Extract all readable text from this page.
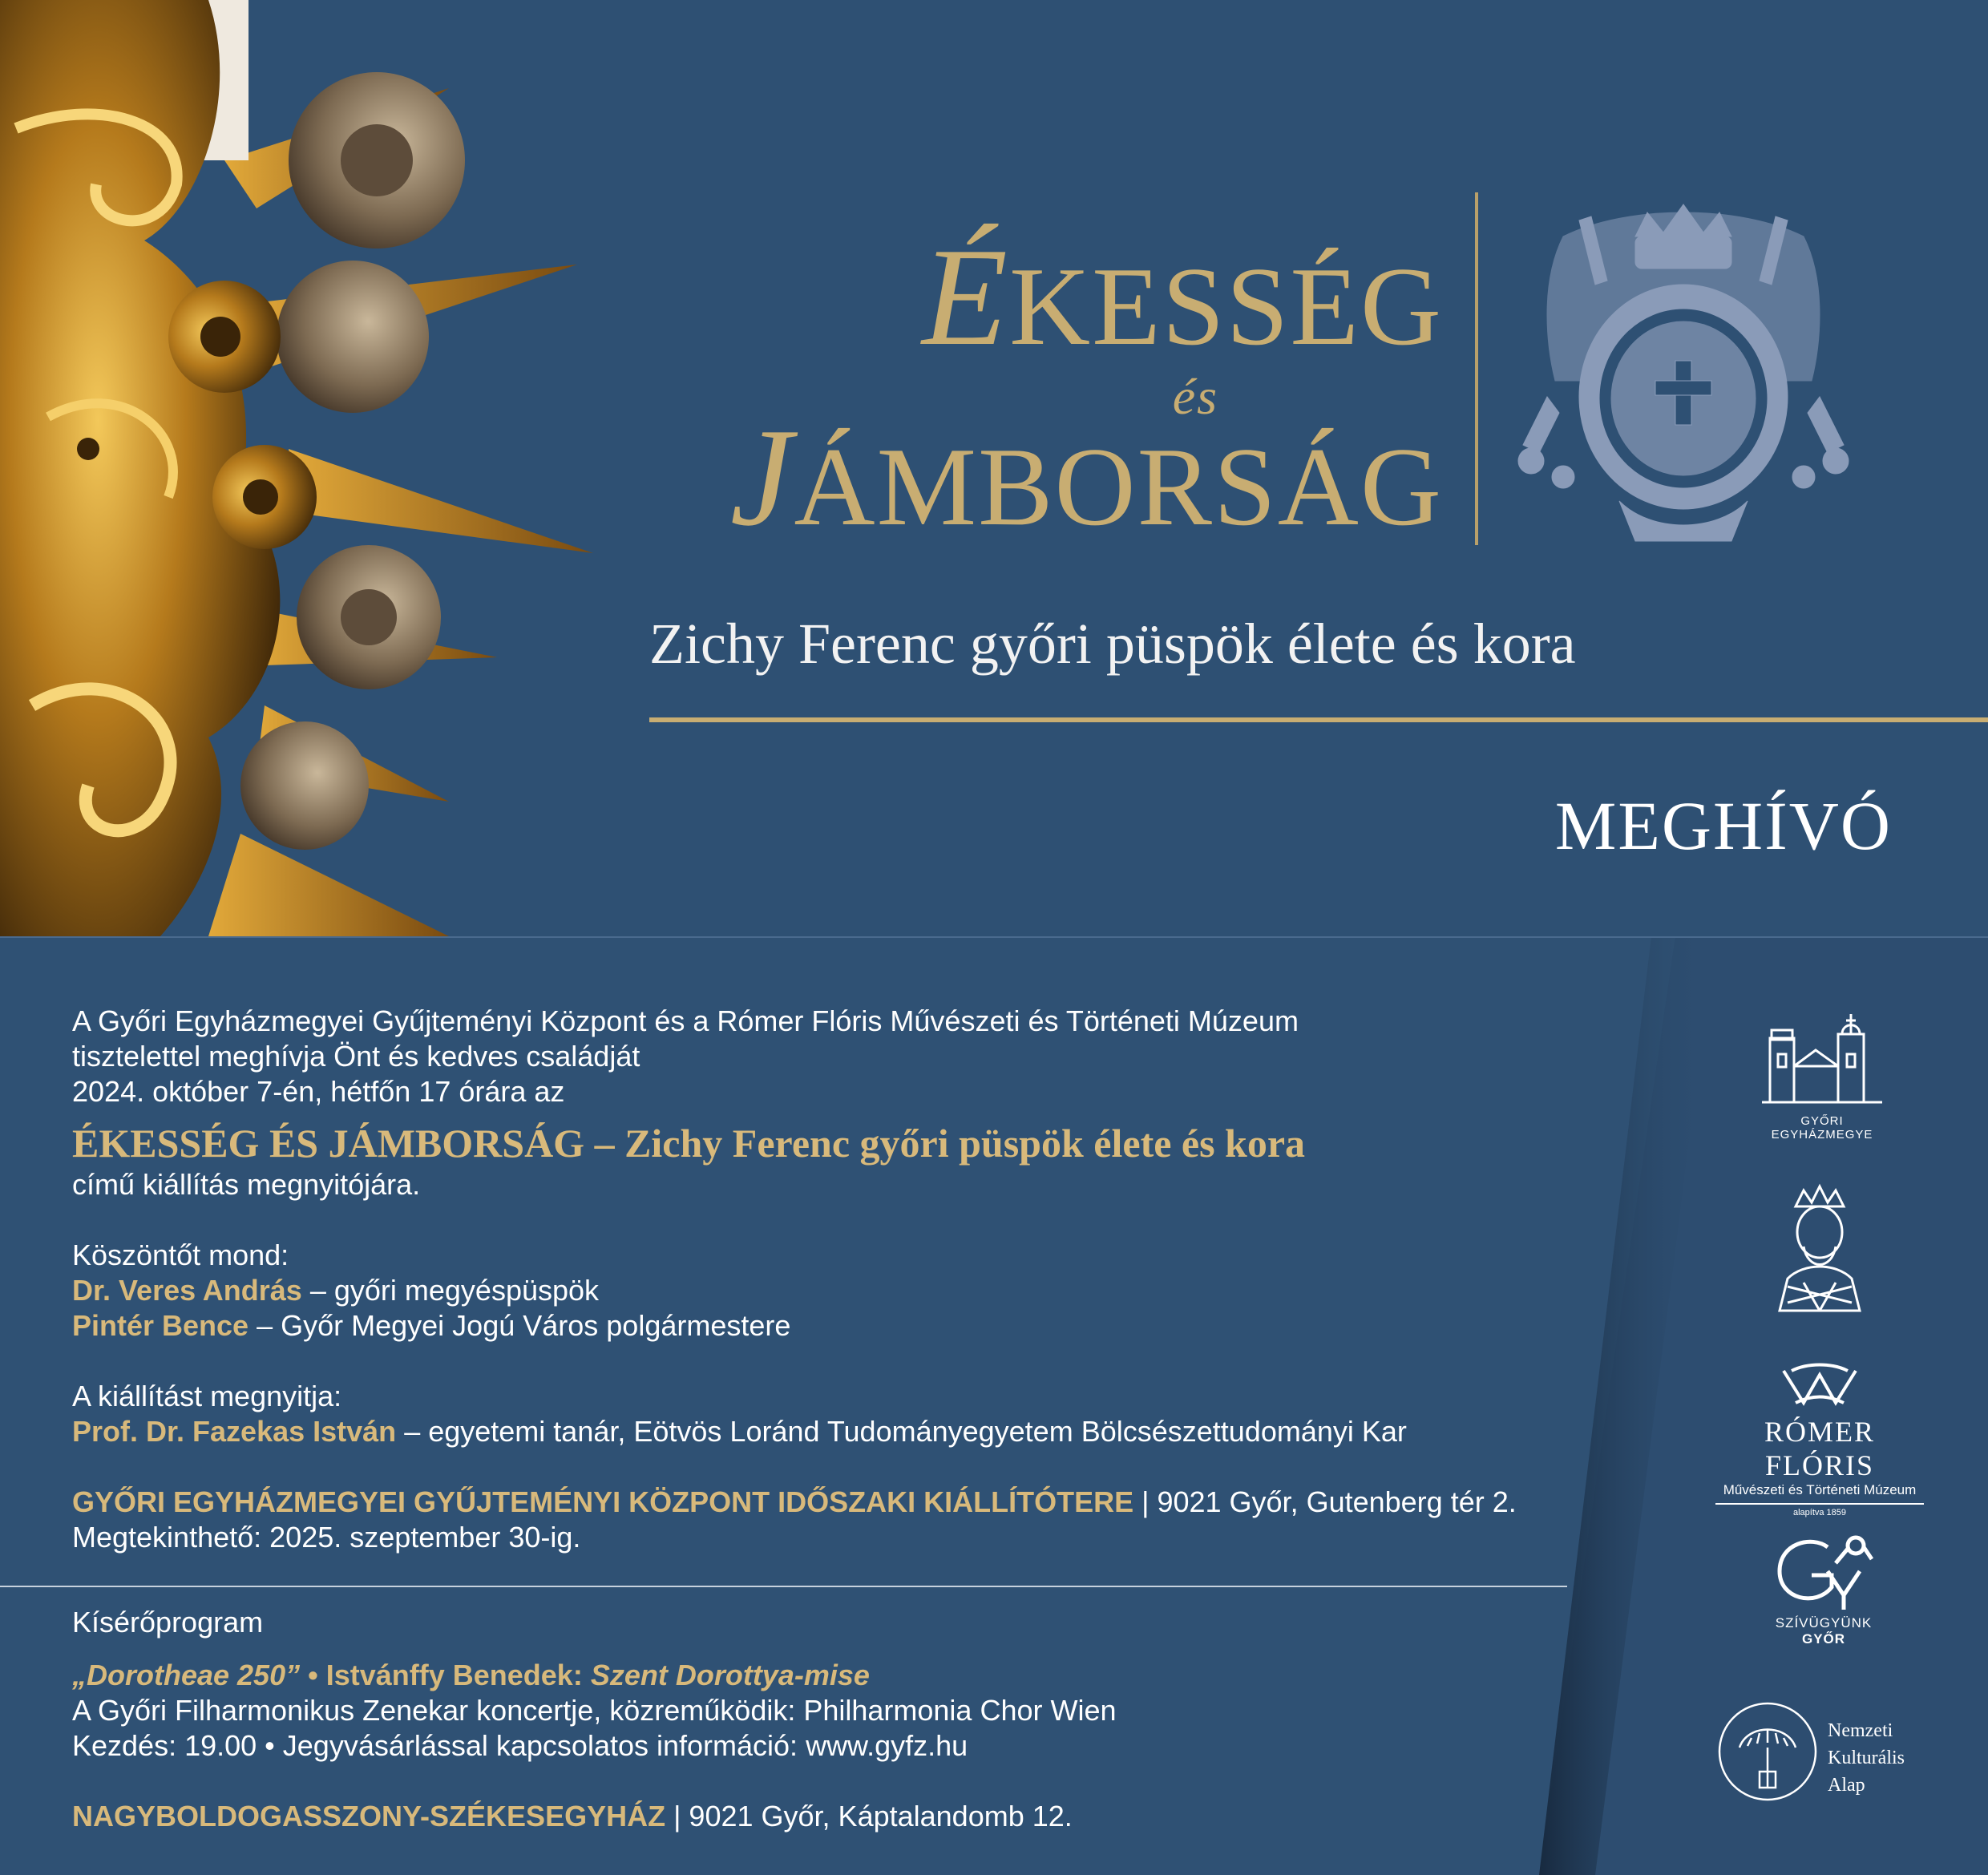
ÉKESSÉG
és
JÁMBORSÁG
Zichy Ferenc győri püspök élete és kora
MEGHÍVÓ

A Győri Egyházmegyei Gyűjteményi Központ és a Rómer Flóris Művészeti és Történeti Múzeum

tisztelettel meghívja Önt és kedves családját

2024. október 7-én, hétfőn 17 órára az

ÉKESSÉG ÉS JÁMBORSÁG – Zichy Ferenc győri püspök élete és kora

című kiállítás megnyitójára.

Köszöntőt mond:

Dr. Veres András – győri megyéspüspök

Pintér Bence – Győr Megyei Jogú Város polgármestere

A kiállítást megnyitja:

Prof. Dr. Fazekas István – egyetemi tanár, Eötvös Loránd Tudományegyetem Bölcsészettudományi Kar

GYŐRI EGYHÁZMEGYEI GYŰJTEMÉNYI KÖZPONT IDŐSZAKI KIÁLLÍTÓTERE | 9021 Győr, Gutenberg tér 2.

Megtekinthető: 2025. szeptember 30-ig.

Kísérőprogram

„Dorotheae 250” • Istvánffy Benedek: Szent Dorottya-mise

A Győri Filharmonikus Zenekar koncertje, közreműködik: Philharmonia Chor Wien

Kezdés: 19.00 • Jegyvásárlással kapcsolatos információ: www.gyfz.hu

NAGYBOLDOGASSZONY-SZÉKESEGYHÁZ | 9021 Győr, Káptalandomb 12.

GYŐRI EGYHÁZMEGYE
RÓMER FLÓRIS
Művészeti és Történeti Múzeum
alapítva 1859
SZÍVÜGYÜNK
GYŐR
Nemzeti
Kulturális
Alap
